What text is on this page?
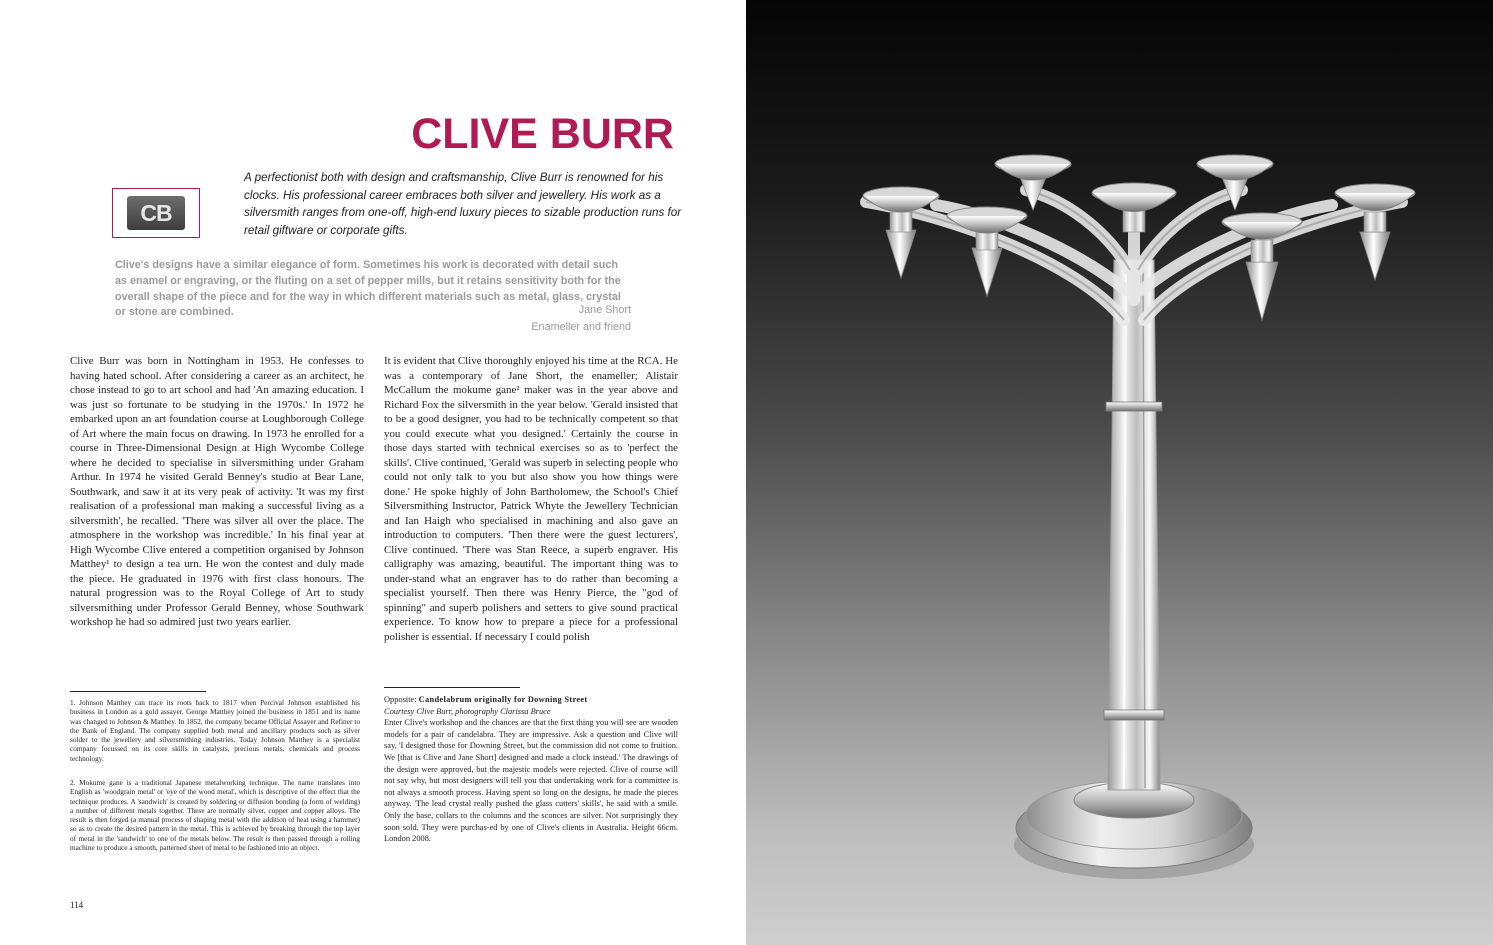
CLIVE BURR
CB

A perfectionist both with design and craftsmanship, Clive Burr is renowned for his clocks. His professional career embraces both silver and jewellery. His work as a silversmith ranges from one-off, high-end luxury pieces to sizable production runs for retail giftware or corporate gifts.

Clive's designs have a similar elegance of form. Sometimes his work is decorated with detail such as enamel or engraving, or the fluting on a set of pepper mills, but it retains sensitivity both for the overall shape of the piece and for the way in which different materials such as metal, glass, crystal or stone are combined.	Jane Short
Enameller and friend

Clive Burr was born in Nottingham in 1953. He confesses to having hated school. After considering a career as an architect, he chose instead to go to art school and had 'An amazing education. I was just so fortunate to be studying in the 1970s.' In 1972 he embarked upon an art foundation course at Loughborough College of Art where the main focus on drawing. In 1973 he enrolled for a course in Three-Dimensional Design at High Wycombe College where he decided to specialise in silversmithing under Graham Arthur. In 1974 he visited Gerald Benney's studio at Bear Lane, Southwark, and saw it at its very peak of activity. 'It was my first realisation of a professional man making a successful living as a silversmith', he recalled. 'There was silver all over the place. The atmosphere in the workshop was incredible.' In his final year at High Wycombe Clive entered a competition organised by Johnson Matthey¹ to design a tea urn. He won the contest and duly made the piece. He graduated in 1976 with first class honours. The natural progression was to the Royal College of Art to study silversmithing under Professor Gerald Benney, whose Southwark workshop he had so admired just two years earlier.

It is evident that Clive thoroughly enjoyed his time at the RCA. He was a contemporary of Jane Short, the enameller; Alistair McCallum the mokume gane² maker was in the year above and Richard Fox the silversmith in the year below. 'Gerald insisted that to be a good designer, you had to be technically competent so that you could execute what you designed.' Certainly the course in those days started with technical exercises so as to 'perfect the skills'. Clive continued, 'Gerald was superb in selecting people who could not only talk to you but also show you how things were done.' He spoke highly of John Bartholomew, the School's Chief Silversmithing Instructor, Patrick Whyte the Jewellery Technician and Ian Haigh who specialised in machining and also gave an introduction to computers. 'Then there were the guest lecturers', Clive continued. 'There was Stan Reece, a superb engraver. His calligraphy was amazing, beautiful. The important thing was to under-stand what an engraver has to do rather than becoming a specialist yourself. Then there was Henry Pierce, the "god of spinning" and superb polishers and setters to give sound practical experience. To know how to prepare a piece for a professional polisher is essential. If necessary I could polish

1. Johnson Matthey can trace its roots back to 1817 when Percival Johnson established his business in London as a gold assayer. George Matthey joined the business in 1851 and its name was changed to Johnson & Matthey. In 1852, the company became Official Assayer and Refiner to the Bank of England. The company supplied both metal and ancillary products such as silver solder to the jewellery and silversmithing industries. Today Johnson Matthey is a specialist company focussed on its core skills in catalysts, precious metals, chemicals and process technology.

2. Mokume gane is a traditional Japanese metalworking technique. The name translates into English as 'woodgrain metal' or 'eye of the wood metal', which is descriptive of the effect that the technique produces. A 'sandwich' is created by soldering or diffusion bonding (a form of welding) a number of different metals together. These are normally silver, copper and copper alloys. The result is then forged (a manual process of shaping metal with the addition of heat using a hammer) so as to create the desired pattern in the metal. This is achieved by breaking through the top layer of metal in the 'sandwich' to one of the metals below. The result is then passed through a rolling machine to produce a smooth, patterned sheet of metal to be fashioned into an object.

Opposite: Candelabrum originally for Downing Street
Courtesy Clive Burr, photography Clarissa Bruce
Enter Clive's workshop and the chances are that the first thing you will see are wooden models for a pair of candelabra. They are impressive. Ask a question and Clive will say, 'I designed those for Downing Street, but the commission did not come to fruition. We [that is Clive and Jane Short] designed and made a clock instead.' The drawings of the design were approved, but the majestic models were rejected. Clive of course will not say why, but most designers will tell you that undertaking work for a committee is not always a smooth process. Having spent so long on the designs, he made the pieces anyway. 'The lead crystal really pushed the glass cutters' skills', he said with a smile. Only the base, collars to the columns and the sconces are silver. Not surprisingly they soon sold. They were purchas-ed by one of Clive's clients in Australia. Height 66cm. London 2008.

114
